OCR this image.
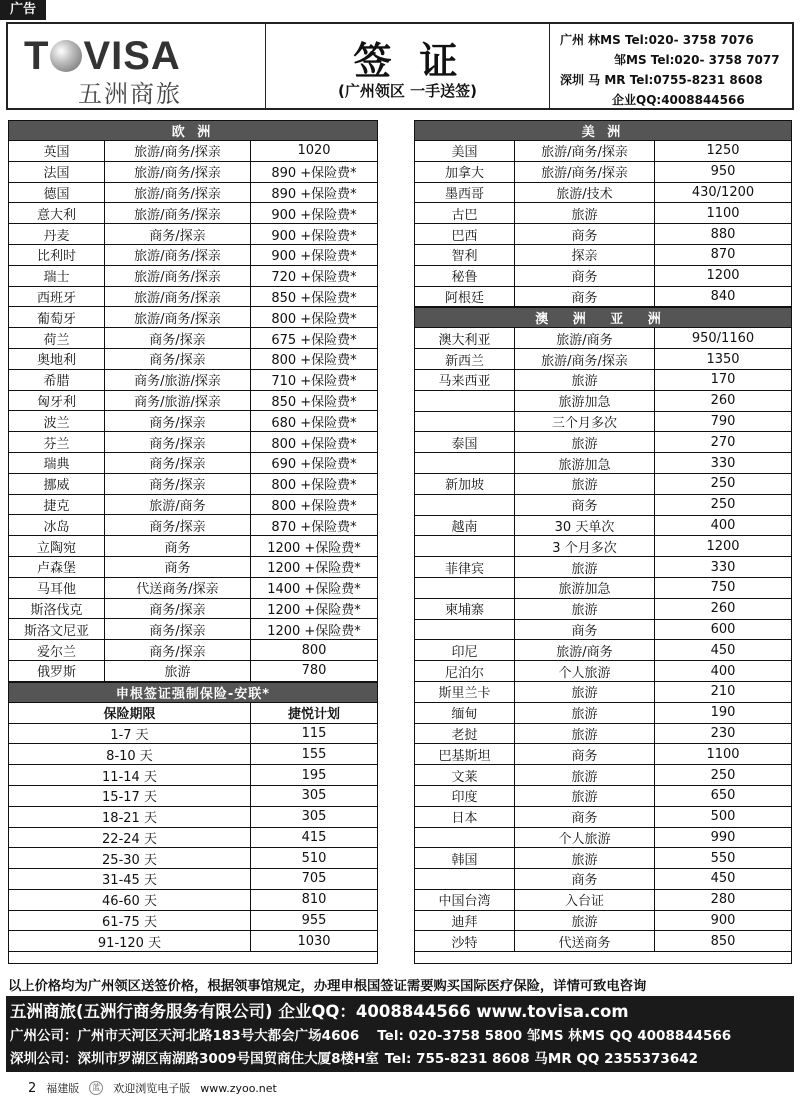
广告
T VISA
五洲商旅
签证
(广州领区 一手送签)
广州 林MS Tel:020- 3758 7076
邹MS Tel:020- 3758 7077
深圳 马 MR Tel:0755-8231 8608
企业QQ:4008844566
欧 洲		
英国	旅游/商务/探亲	1020
法国	旅游/商务/探亲	890 +保险费*
德国	旅游/商务/探亲	890 +保险费*
意大利	旅游/商务/探亲	900 +保险费*
丹麦	商务/探亲	900 +保险费*
比利时	旅游/商务/探亲	900 +保险费*
瑞士	旅游/商务/探亲	720 +保险费*
西班牙	旅游/商务/探亲	850 +保险费*
葡萄牙	旅游/商务/探亲	800 +保险费*
荷兰	商务/探亲	675 +保险费*
奥地利	商务/探亲	800 +保险费*
希腊	商务/旅游/探亲	710 +保险费*
匈牙利	商务/旅游/探亲	850 +保险费*
波兰	商务/探亲	680 +保险费*
芬兰	商务/探亲	800 +保险费*
瑞典	商务/探亲	690 +保险费*
挪威	商务/探亲	800 +保险费*
捷克	旅游/商务	800 +保险费*
冰岛	商务/探亲	870 +保险费*
立陶宛	商务	1200 +保险费*
卢森堡	商务	1200 +保险费*
马耳他	代送商务/探亲	1400 +保险费*
斯洛伐克	商务/探亲	1200 +保险费*
斯洛文尼亚	商务/探亲	1200 +保险费*
爱尔兰	商务/探亲	800
俄罗斯	旅游	780
申根签证强制保险-安联*	
保险期限	捷悦计划
1-7 天	115
8-10 天	155
11-14 天	195
15-17 天	305
18-21 天	305
22-24 天	415
25-30 天	510
31-45 天	705
46-60 天	810
61-75 天	955
91-120 天	1030
美 洲		
美国	旅游/商务/探亲	1250
加拿大	旅游/商务/探亲	950
墨西哥	旅游/技术	430/1200
古巴	旅游	1100
巴西	商务	880
智利	探亲	870
秘鲁	商务	1200
阿根廷	商务	840
澳 洲 亚 洲		
澳大利亚	旅游/商务	950/1160
新西兰	旅游/商务/探亲	1350
马来西亚	旅游	170
	旅游加急	260
	三个月多次	790
泰国	旅游	270
	旅游加急	330
新加坡	旅游	250
	商务	250
越南	30 天单次	400
	3 个月多次	1200
菲律宾	旅游	330
	旅游加急	750
柬埔寨	旅游	260
	商务	600
印尼	旅游/商务	450
尼泊尔	个人旅游	400
斯里兰卡	旅游	210
缅甸	旅游	190
老挝	旅游	230
巴基斯坦	商务	1100
文莱	旅游	250
印度	旅游	650
日本	商务	500
	个人旅游	990
韩国	旅游	550
	商务	450
中国台湾	入台证	280
迪拜	旅游	900
沙特	代送商务	850
以上价格均为广州领区送签价格，根据领事馆规定，办理申根国签证需要购买国际医疗保险，详情可致电咨询
五洲商旅(五洲行商务服务有限公司) 企业QQ：4008844566 www.tovisa.com
广州公司：广州市天河区天河北路183号大都会广场4606 Tel: 020-3758 5800 邹MS 林MS QQ 4008844566
深圳公司：深圳市罗湖区南湖路3009号国贸商住大厦8楼H室 Tel: 755-8231 8608 马MR QQ 2355373642
2 福建版	蓝 欢迎浏览电子版 www.zyoo.net
